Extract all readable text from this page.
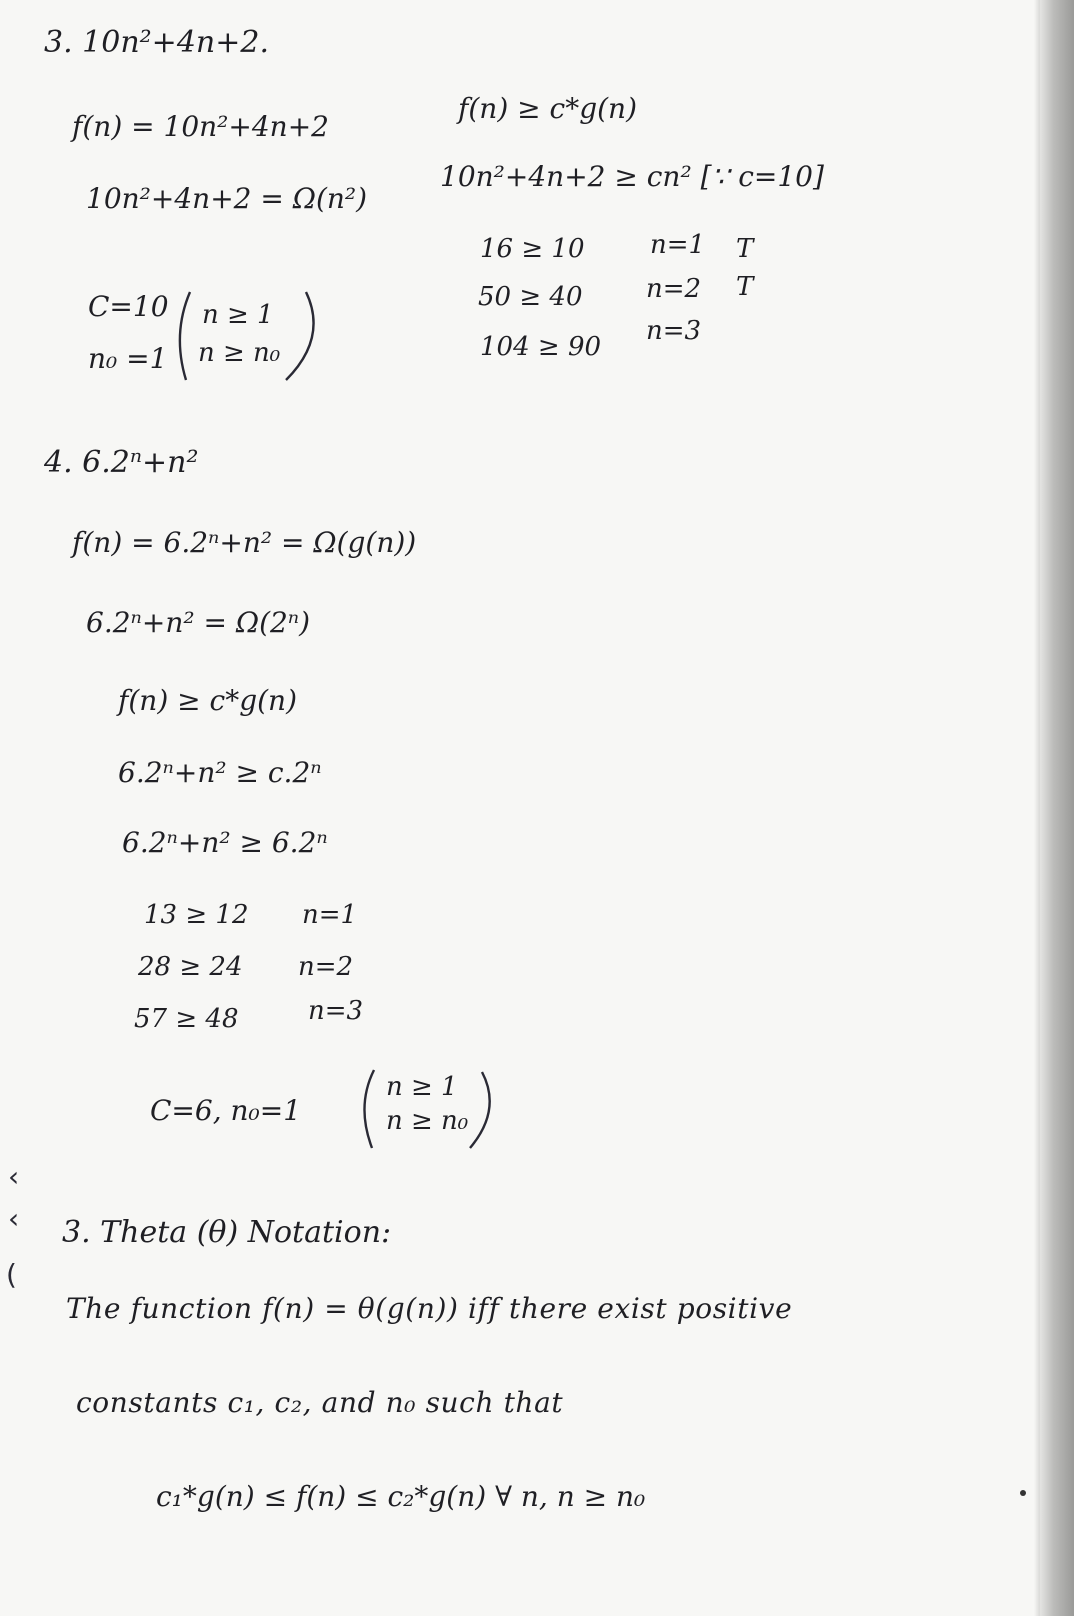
3. 10n²+4n+2.
f(n) = 10n²+4n+2
10n²+4n+2 = Ω(n²)
f(n) ≥ c*g(n)
10n²+4n+2 ≥ cn² [∵ c=10]
16 ≥ 10	n=1 T
50 ≥ 40 n=2 T
104 ≥ 90
n=3
C=10
n₀ =1
n ≥ 1
n ≥ n₀
4. 6.2ⁿ+n²
f(n) = 6.2ⁿ+n² = Ω(g(n))
6.2ⁿ+n² = Ω(2ⁿ)
f(n) ≥ c*g(n)
6.2ⁿ+n² ≥ c.2ⁿ
6.2ⁿ+n² ≥ 6.2ⁿ
13 ≥ 12 n=1
28 ≥ 24 n=2
57 ≥ 48	n=3
C=6, n₀=1
n ≥ 1
n ≥ n₀
‹
‹
(
3. Theta (θ) Notation:
The function f(n) = θ(g(n)) iff there exist positive
constants c₁, c₂, and n₀ such that
c₁*g(n) ≤ f(n) ≤ c₂*g(n) ∀ n, n ≥ n₀
